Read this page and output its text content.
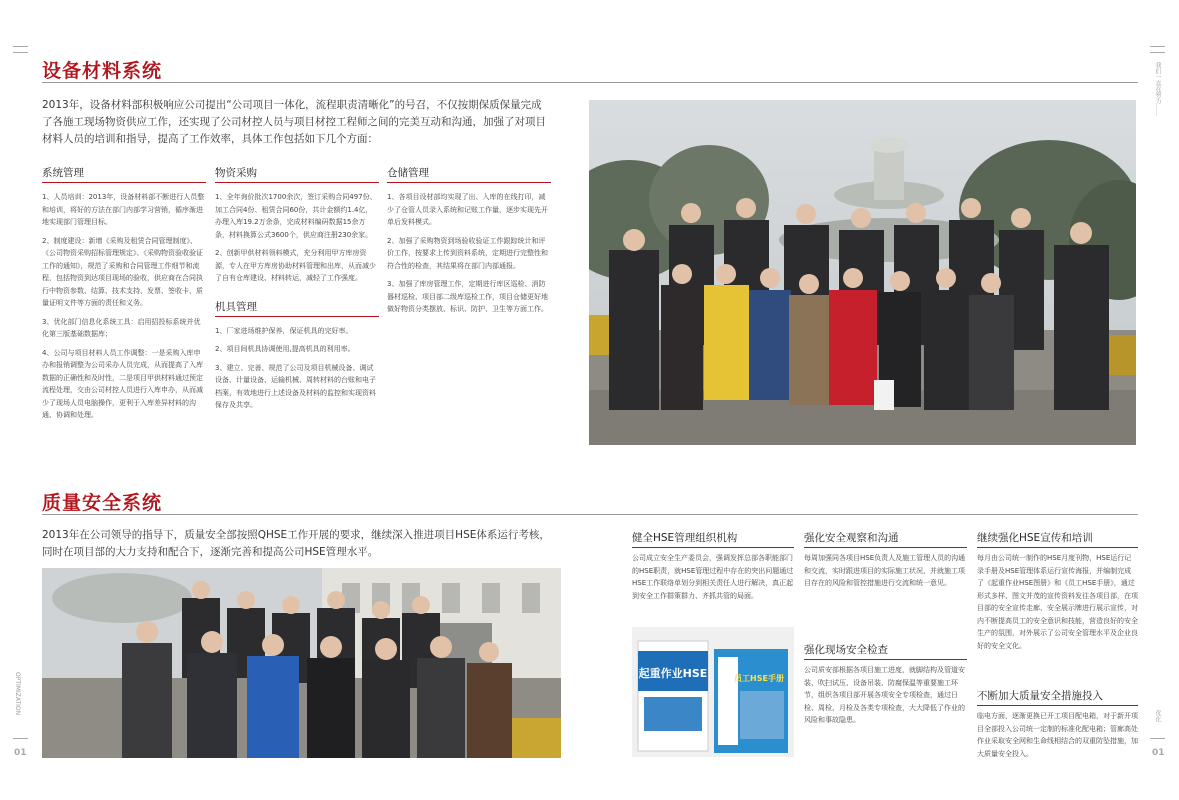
我们一直在努力……
OPTIMIZATION
优化
01	01
设备材料系统
2013年，设备材料部积极响应公司提出“公司项目一体化，流程职责清晰化”的号召，不仅按期保质保量完成了各施工现场物资供应工作，还实现了公司材控人员与项目材控工程师之间的完美互动和沟通，加强了对项目材料人员的培训和指导，提高了工作效率，具体工作包括如下几个方面：
系统管理

1、人员培训：2013年，设备材料部不断进行人员整和培训，将好的方法在部门内部学习营销，循序渐进地实现部门管理目标。

2、制度建设：新增《采购及租赁合同管理制度》、《公司物资采购招标管理规定》、《采购物资验收验证工作的通知》，规范了采购和合同管理工作细节和流程，包括物资到达项目现场的验收，供应商在合同执行中物资参数、结算、技术支持、发票、签收卡、质量证明文件等方面的责任和义务。

3、优化部门信息化系统工具：启用招投标系统并优化第三版基础数据库；

4、公司与项目材料人员工作调整：一是采购入库申办和报销调整为公司采办人员完成，从而提高了入库数据的正确性和及时性，二是项目甲供材料通过预定流程处理，交由公司材控人员进行入库申办，从而减少了现场人员电脑操作，更利于入库差异材料的沟通、协调和处理。

物资采购

1、全年询价批次1700余次，签订采购合同497份、加工合同4份、租赁合同60份，共计金额约1.4亿，办理入库19.2万余条，完成材料编码数据15余万条，材料换算公式3600个，供应商注册230余家。

2、创新甲供材料领料模式，充分利用甲方库房资源，专人在甲方库房协助材料管理和出库，从而减少了自有仓库建设、材料转运，减轻了工作强度。

机具管理

1、厂家进场维护保养，保证机具的完好率。

2、项目间机具协调使用,提高机具的利用率。

3、建立、完善、规范了公司及项目机械设备、调试设备、计量设备、运输机械、周转材料的台账和电子档案，有效地进行上述设备及材料的监控和实现资料保存及共享。

仓储管理

1、各项目设材部均实现了出、入库的在线打印，减少了仓管人员录入系统和记账工作量，逐步实现先开单后发料模式。

2、加强了采购物资到场验收验证工作跟踪统计和评价工作，按要求上传到资料系统，定期进行完整性和符合性的检查，其结果将在部门内部通报。

3、加强了库房管理工作，定期进行库区巡检、消防器材巡检、项目部二级库巡检工作，项目仓储更好地做好物资分类摆放、标识、防护、卫生等方面工作。

质量安全系统
2013年在公司领导的指导下，质量安全部按照QHSE工作开展的要求，继续深入推进项目HSE体系运行考核，同时在项目部的大力支持和配合下，逐渐完善和提高公司HSE管理水平。
健全HSE管理组织机构

公司成立安全生产委员会，强调发挥总部各职能部门的HSE职责，就HSE管理过程中存在的突出问题通过HSE工作联络单划分到相关责任人进行解决，真正起到安全工作群策群力、齐抓共管的局面。

起重作业HSE	员工HSE手册
强化安全观察和沟通

每周加强同各项目HSE负责人及施工管理人员的沟通和交流，实时跟进项目的实际施工状况，并就施工项目存在的风险和管控措施进行交流和统一意见。

强化现场安全检查

公司质安部根据各项目施工进度，就脚结构及管道安装、吹扫试压、设备吊装、防腐保温等重要施工环节，组织各项目部开展各项安全专项检查，通过日检、周检、月检及各类专项检查，大大降低了作业的风险和事故隐患。

继续强化HSE宣传和培训

每月由公司统一制作的HSE月度刊物，HSE运行记录手册及HSE管理体系运行宣传海报，并编制完成了《起重作业HSE图册》和《员工HSE手册》，通过形式多样、图文并茂的宣传资料发往各项目部，在项目部的安全宣传走廊、安全展示牌进行展示宣传，对内不断提高员工的安全意识和技能，营造良好的安全生产的氛围，对外展示了公司安全管理水平及企业良好的安全文化。

不断加大质量安全措施投入

临电方面，逐渐更换已开工项目配电箱，对于新开项目全部投入公司统一定制的标准化配电箱；管廊高处作业采取安全网和生命线相结合的双重防坠措施，加大质量安全投入。
